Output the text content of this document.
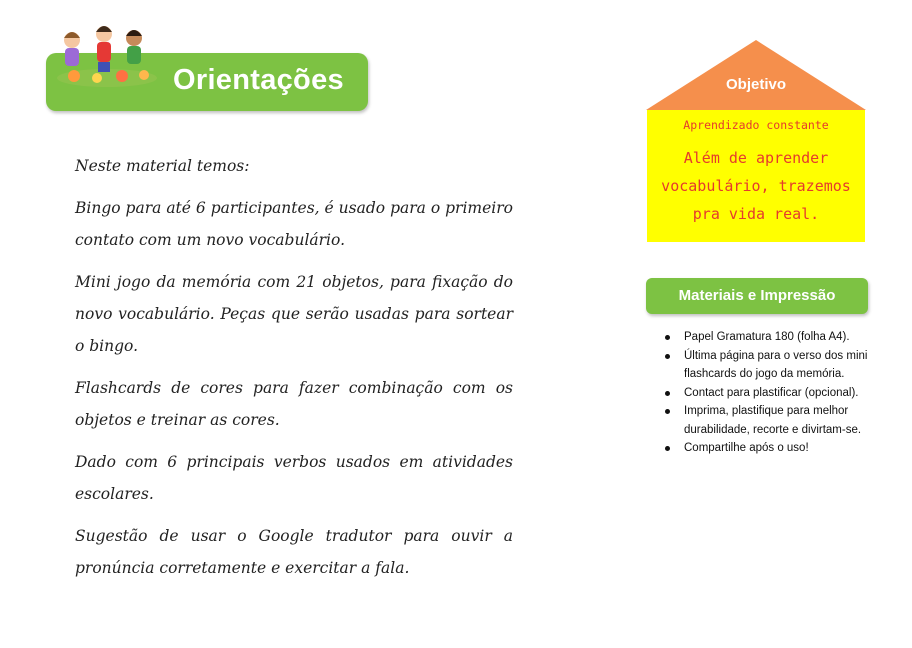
Orientações

Neste material temos:

Bingo para até 6 participantes, é usado para o primeiro contato com um novo vocabulário.

Mini jogo da memória com 21 objetos, para fixação do novo vocabulário. Peças que serão usadas para sortear o bingo.

Flashcards de cores para fazer combinação com os objetos e treinar as cores.

Dado com 6 principais verbos usados em atividades escolares.

Sugestão de usar o Google tradutor para ouvir a pronúncia corretamente e exercitar a fala.

Objetivo
Aprendizado constante
Além de aprender vocabulário, trazemos pra vida real.
Materiais e Impressão
Papel Gramatura 180 (folha A4).
Última página para o verso dos mini flashcards do jogo da memória.
Contact para plastificar (opcional).
Imprima, plastifique para melhor durabilidade, recorte e divirtam-se.
Compartilhe após o uso!
